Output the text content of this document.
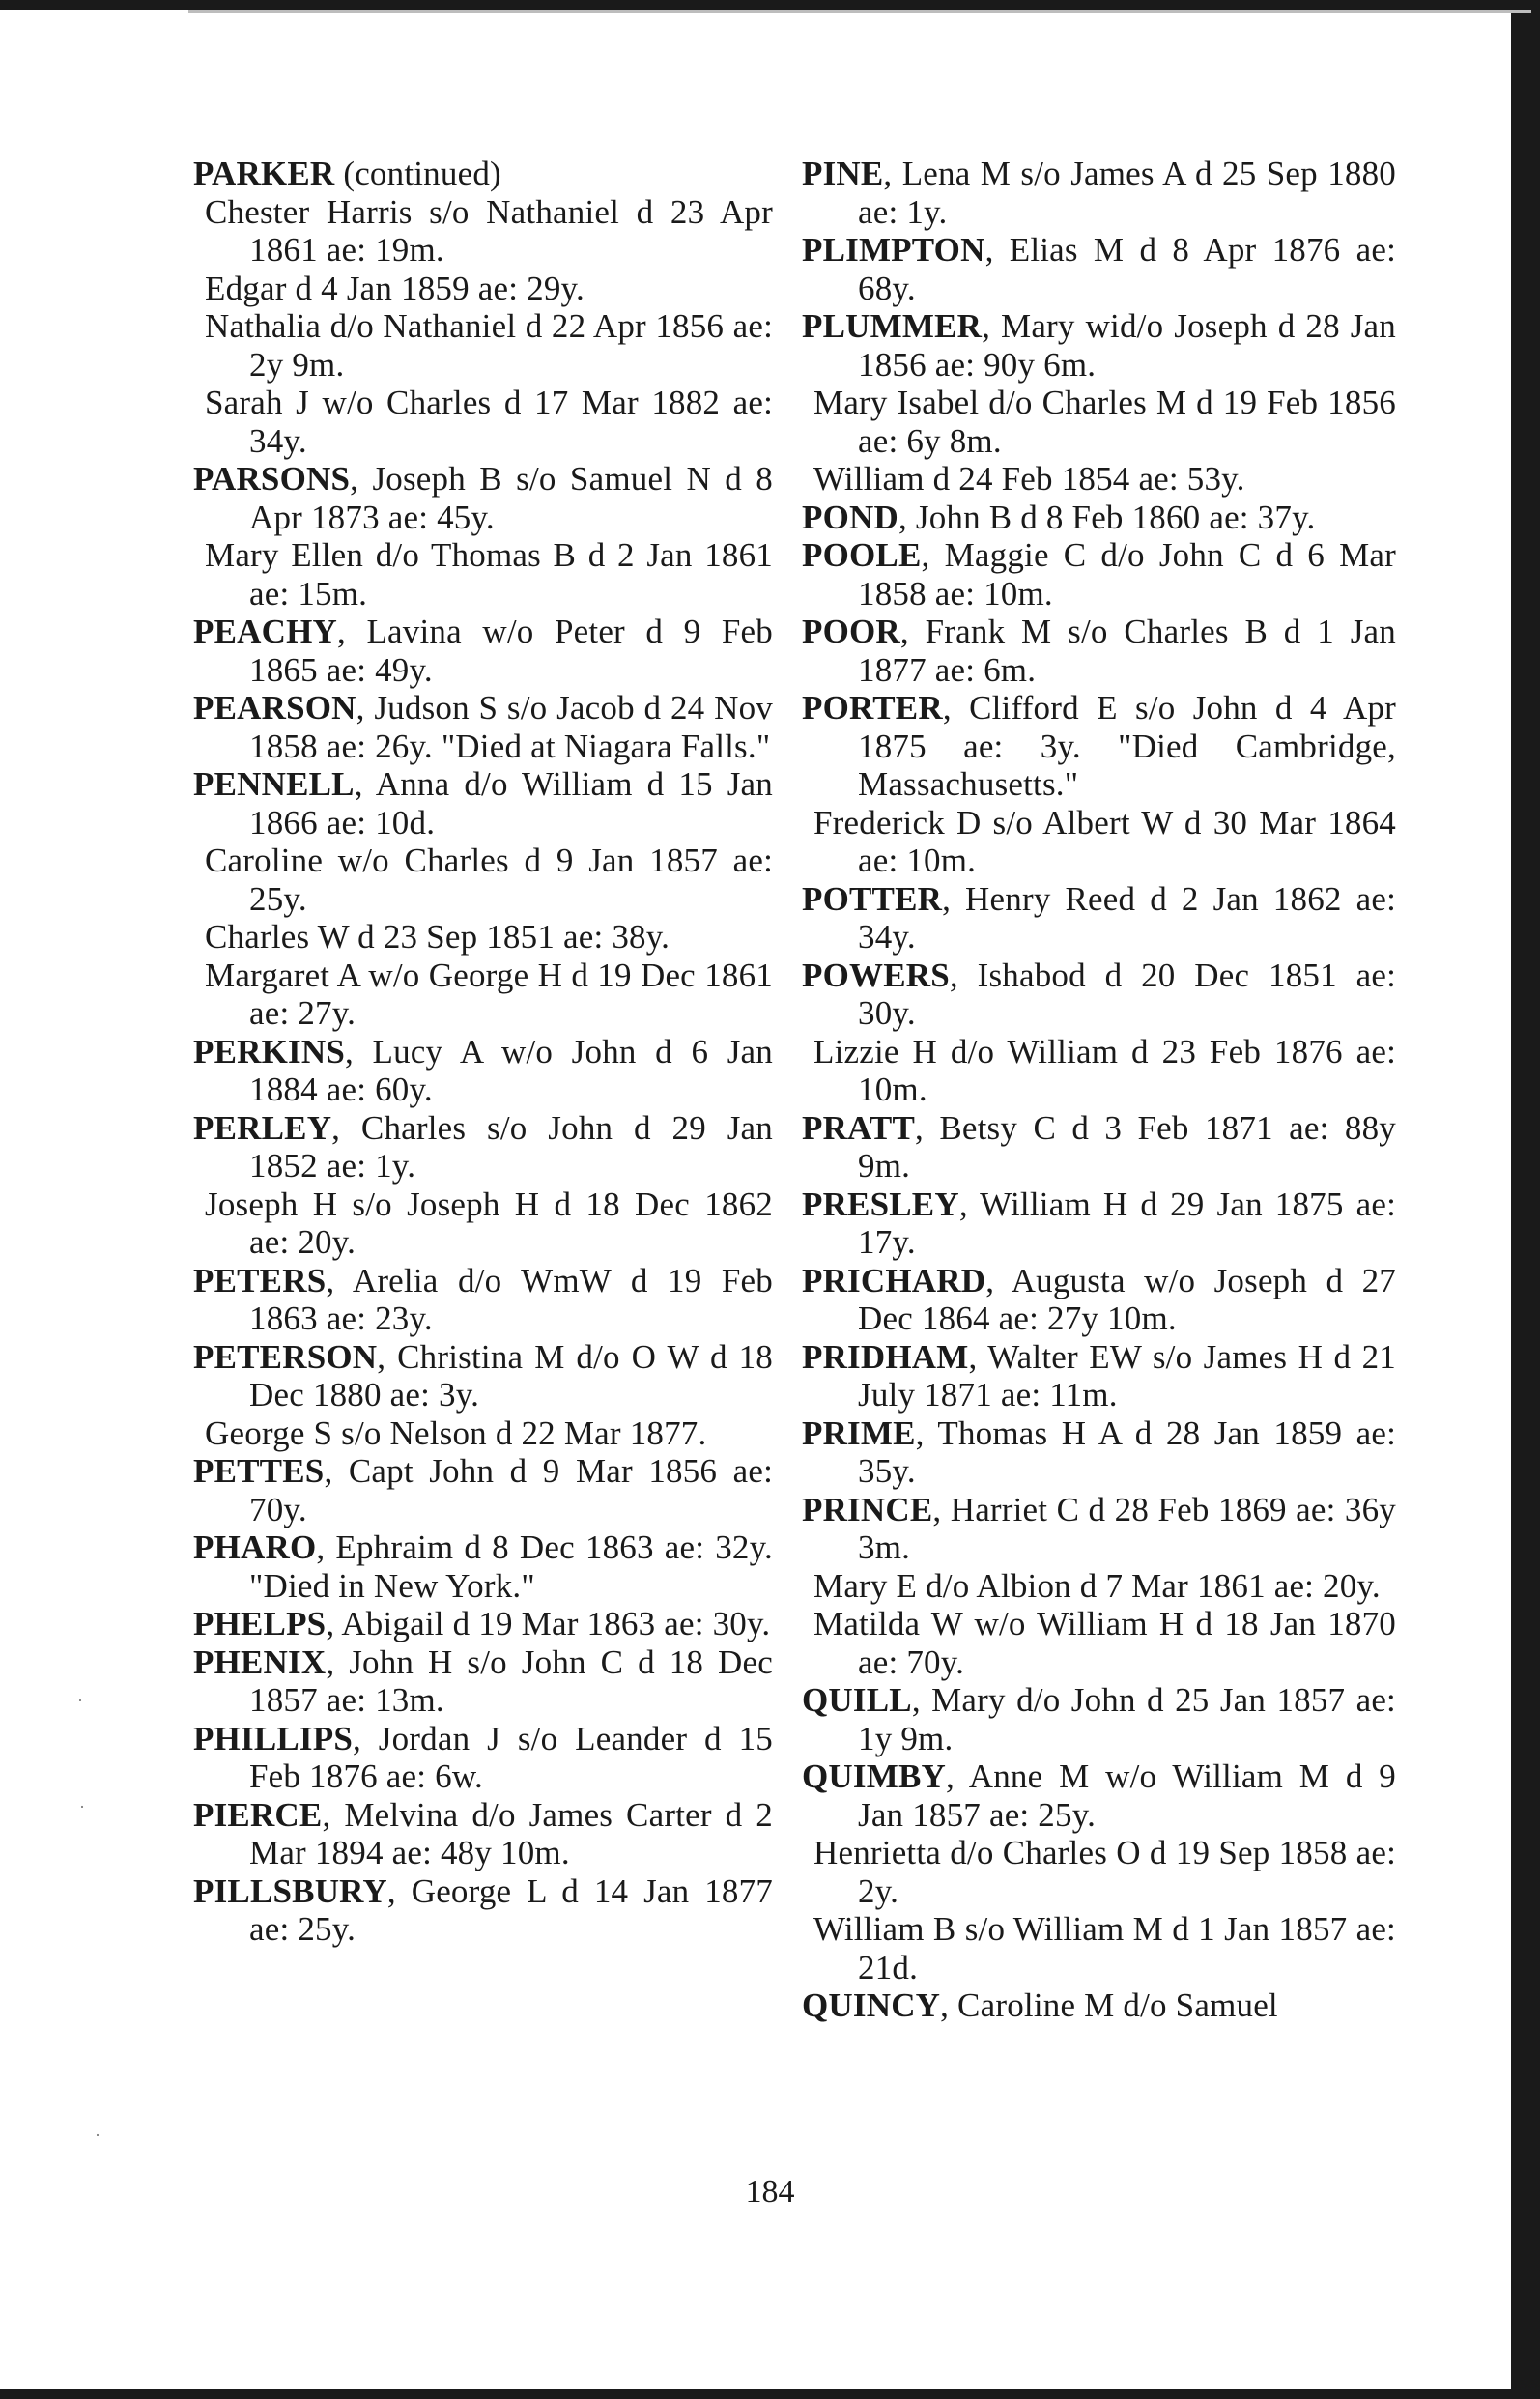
PARKER (continued)
Chester Harris s/o Nathaniel d 23 Apr 1861 ae: 19m.
Edgar d 4 Jan 1859 ae: 29y.
Nathalia d/o Nathaniel d 22 Apr 1856 ae: 2y 9m.
Sarah J w/o Charles d 17 Mar 1882 ae: 34y.
PARSONS, Joseph B s/o Samuel N d 8 Apr 1873 ae: 45y.
Mary Ellen d/o Thomas B d 2 Jan 1861 ae: 15m.
PEACHY, Lavina w/o Peter d 9 Feb 1865 ae: 49y.
PEARSON, Judson S s/o Jacob d 24 Nov 1858 ae: 26y. "Died at Niagara Falls."
PENNELL, Anna d/o William d 15 Jan 1866 ae: 10d.
Caroline w/o Charles d 9 Jan 1857 ae: 25y.
Charles W d 23 Sep 1851 ae: 38y.
Margaret A w/o George H d 19 Dec 1861 ae: 27y.
PERKINS, Lucy A w/o John d 6 Jan 1884 ae: 60y.
PERLEY, Charles s/o John d 29 Jan 1852 ae: 1y.
Joseph H s/o Joseph H d 18 Dec 1862 ae: 20y.
PETERS, Arelia d/o WmW d 19 Feb 1863 ae: 23y.
PETERSON, Christina M d/o O W d 18 Dec 1880 ae: 3y.
George S s/o Nelson d 22 Mar 1877.
PETTES, Capt John d 9 Mar 1856 ae: 70y.
PHARO, Ephraim d 8 Dec 1863 ae: 32y. "Died in New York."
PHELPS, Abigail d 19 Mar 1863 ae: 30y.
PHENIX, John H s/o John C d 18 Dec 1857 ae: 13m.
PHILLIPS, Jordan J s/o Leander d 15 Feb 1876 ae: 6w.
PIERCE, Melvina d/o James Carter d 2 Mar 1894 ae: 48y 10m.
PILLSBURY, George L d 14 Jan 1877 ae: 25y.
PINE, Lena M s/o James A d 25 Sep 1880 ae: 1y.
PLIMPTON, Elias M d 8 Apr 1876 ae: 68y.
PLUMMER, Mary wid/o Joseph d 28 Jan 1856 ae: 90y 6m.
Mary Isabel d/o Charles M d 19 Feb 1856 ae: 6y 8m.
William d 24 Feb 1854 ae: 53y.
POND, John B d 8 Feb 1860 ae: 37y.
POOLE, Maggie C d/o John C d 6 Mar 1858 ae: 10m.
POOR, Frank M s/o Charles B d 1 Jan 1877 ae: 6m.
PORTER, Clifford E s/o John d 4 Apr 1875 ae: 3y. "Died Cambridge, Massachusetts."
Frederick D s/o Albert W d 30 Mar 1864 ae: 10m.
POTTER, Henry Reed d 2 Jan 1862 ae: 34y.
POWERS, Ishabod d 20 Dec 1851 ae: 30y.
Lizzie H d/o William d 23 Feb 1876 ae: 10m.
PRATT, Betsy C d 3 Feb 1871 ae: 88y 9m.
PRESLEY, William H d 29 Jan 1875 ae: 17y.
PRICHARD, Augusta w/o Joseph d 27 Dec 1864 ae: 27y 10m.
PRIDHAM, Walter EW s/o James H d 21 July 1871 ae: 11m.
PRIME, Thomas H A d 28 Jan 1859 ae: 35y.
PRINCE, Harriet C d 28 Feb 1869 ae: 36y 3m.
Mary E d/o Albion d 7 Mar 1861 ae: 20y.
Matilda W w/o William H d 18 Jan 1870 ae: 70y.
QUILL, Mary d/o John d 25 Jan 1857 ae: 1y 9m.
QUIMBY, Anne M w/o William M d 9 Jan 1857 ae: 25y.
Henrietta d/o Charles O d 19 Sep 1858 ae: 2y.
William B s/o William M d 1 Jan 1857 ae: 21d.
QUINCY, Caroline M d/o Samuel
184
·
·
·
